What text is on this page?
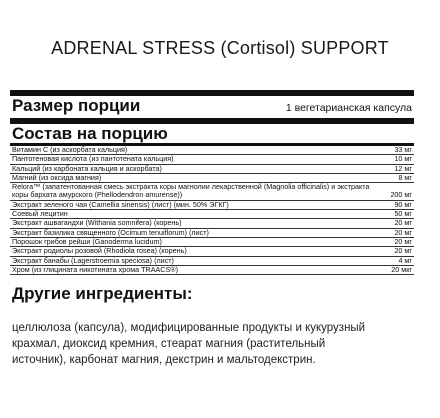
ADRENAL STRESS (Cortisol) SUPPORT
Размер порции	1 вегетарианская капсула
Состав на порцию
Витамин С (из аскорбата кальция)	33 мг
Пантотеновая кислота (из пантотената кальция)	10 мг
Кальций (из карбоната кальция и аскорбата)	12 мг
Магний (из оксида магния)	8 мг
Relora™ (запатентованная смесь экстракта коры магнолии лекарственной (Magnolia officinalis) и экстракта коры бархата амурского (Phellodendron amurense))	200 мг
Экстракт зеленого чая (Camellia sinensis) (лист) (мин. 50% ЭГКГ)	90 мг
Соевый лецитин	50 мг
Экстракт ашвагандхи (Withania somnifera) (корень)	20 мг
Экстракт базилика священного (Ocimum tenuiflorum) (лист)	20 мг
Порошок грибов рейши (Ganoderma lucidum)	20 мг
Экстракт родиолы розовой (Rhodiola rosea) (корень)	20 мг
Экстракт банабы (Lagerstroemia speciosa) (лист)	4 мг
Хром (из глицината никотината хрома TRAACS®)	20 мкг
Другие ингредиенты:
целлюлоза (капсула), модифицированные продукты и кукурузный крахмал, диоксид кремния, стеарат магния (растительный источник), карбонат магния, декстрин и мальтодекстрин.
